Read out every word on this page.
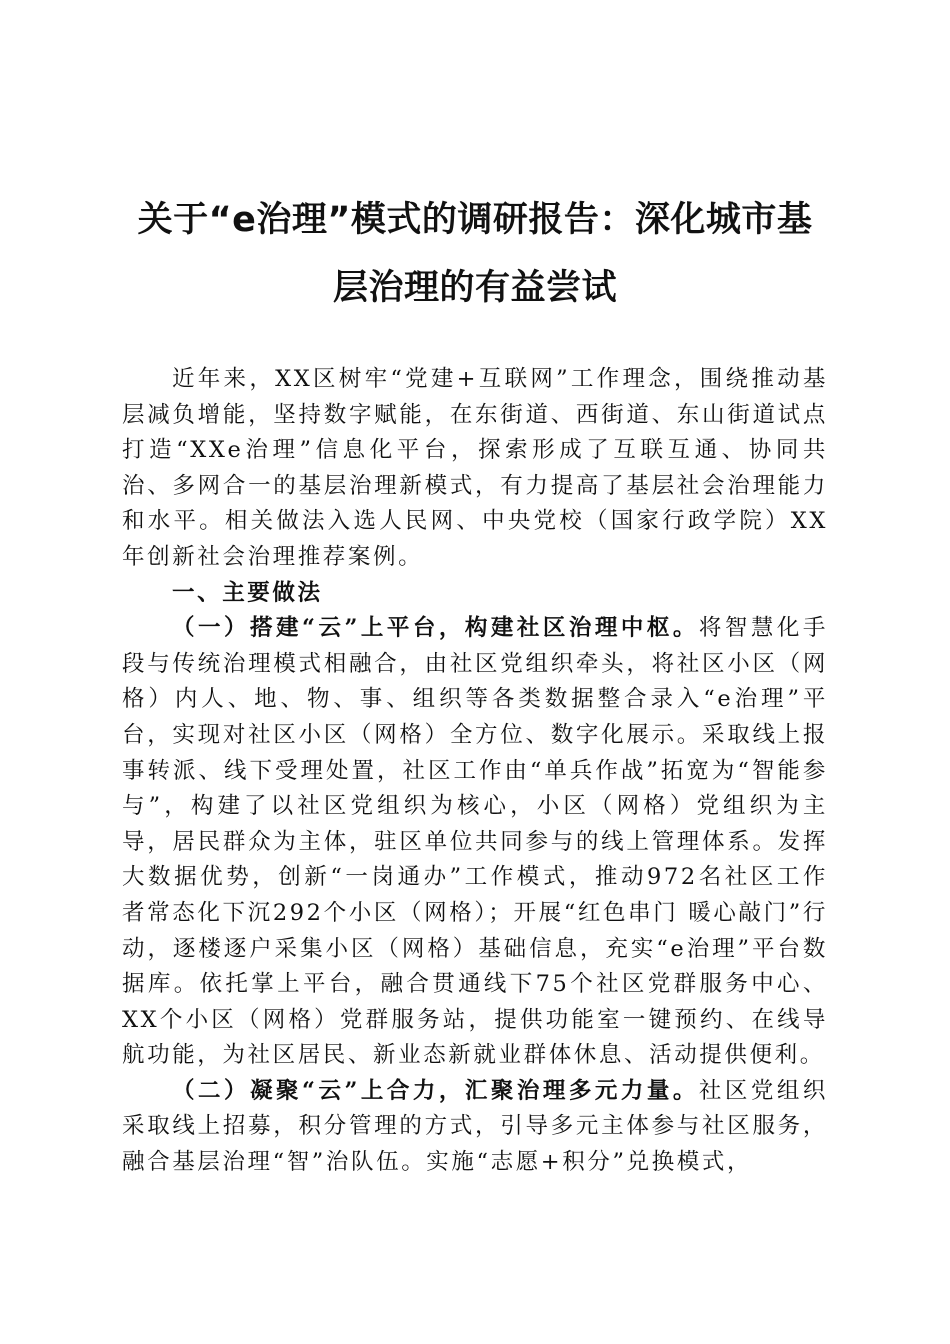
关于“e治理”模式的调研报告：深化城市基
层治理的有益尝试

近年来，XX区树牢“党建+互联网”工作理念，围绕推动基层减负增能，坚持数字赋能，在东街道、西街道、东山街道试点打造“XXe治理”信息化平台，探索形成了互联互通、协同共治、多网合一的基层治理新模式，有力提高了基层社会治理能力和水平。相关做法入选人民网、中央党校（国家行政学院）XX年创新社会治理推荐案例。

一、主要做法

（一）搭建“云”上平台，构建社区治理中枢。将智慧化手段与传统治理模式相融合，由社区党组织牵头，将社区小区（网格）内人、地、物、事、组织等各类数据整合录入“e治理”平台，实现对社区小区（网格）全方位、数字化展示。采取线上报事转派、线下受理处置，社区工作由“单兵作战”拓宽为“智能参与”，构建了以社区党组织为核心，小区（网格）党组织为主导，居民群众为主体，驻区单位共同参与的线上管理体系。发挥大数据优势，创新“一岗通办”工作模式，推动972名社区工作者常态化下沉292个小区（网格）；开展“红色串门 暖心敲门”行动，逐楼逐户采集小区（网格）基础信息，充实“e治理”平台数据库。依托掌上平台，融合贯通线下75个社区党群服务中心、XX个小区（网格）党群服务站，提供功能室一键预约、在线导航功能，为社区居民、新业态新就业群体休息、活动提供便利。

（二）凝聚“云”上合力，汇聚治理多元力量。社区党组织采取线上招募，积分管理的方式，引导多元主体参与社区服务，融合基层治理“智”治队伍。实施“志愿+积分”兑换模式，
